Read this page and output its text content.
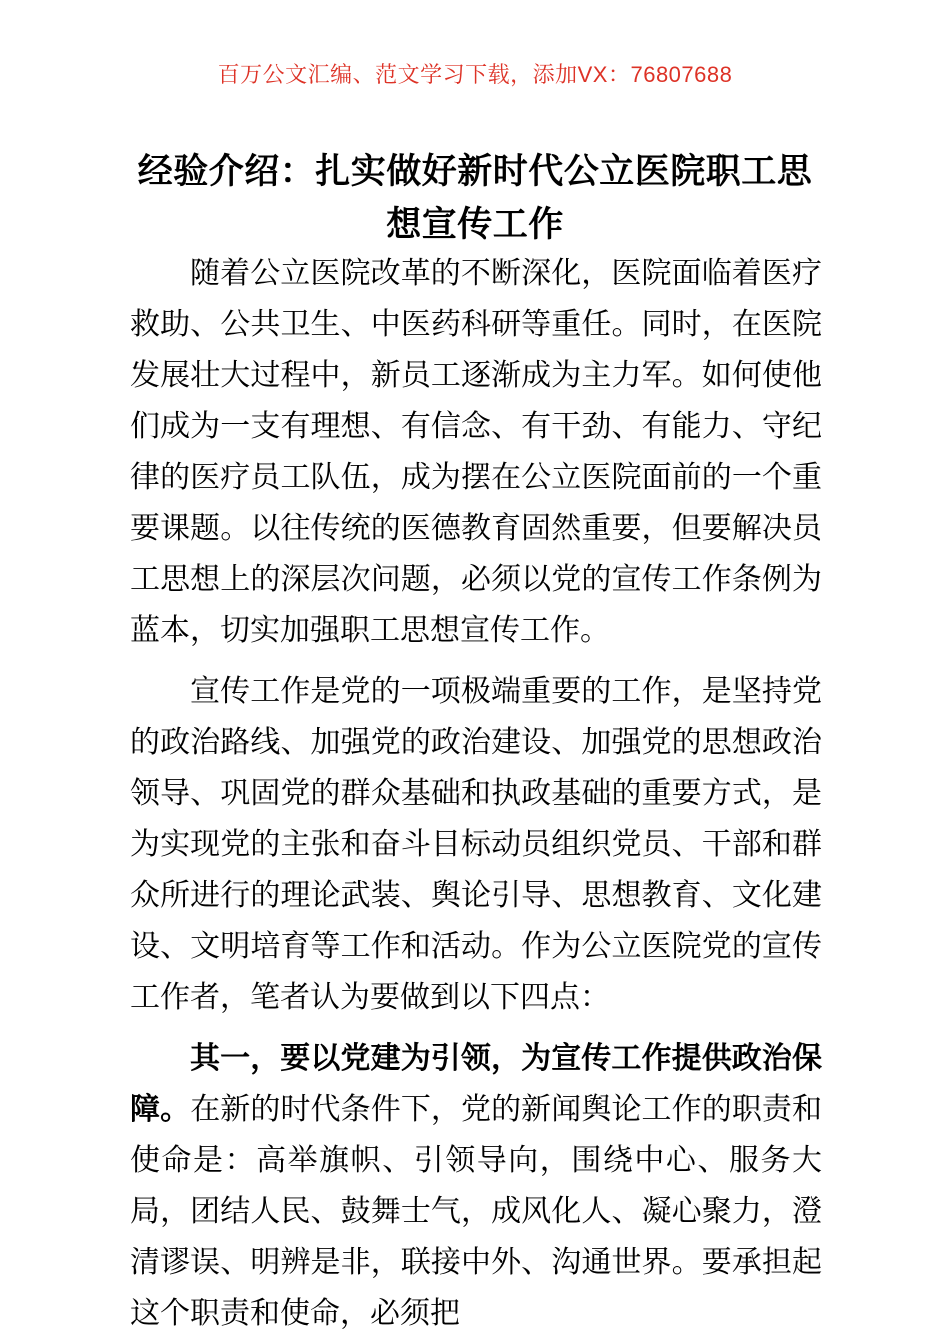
百万公文汇编、范文学习下载，添加VX：76807688
经验介绍：扎实做好新时代公立医院职工思想宣传工作

随着公立医院改革的不断深化，医院面临着医疗救助、公共卫生、中医药科研等重任。同时，在医院发展壮大过程中，新员工逐渐成为主力军。如何使他们成为一支有理想、有信念、有干劲、有能力、守纪律的医疗员工队伍，成为摆在公立医院面前的一个重要课题。以往传统的医德教育固然重要，但要解决员工思想上的深层次问题，必须以党的宣传工作条例为蓝本，切实加强职工思想宣传工作。

宣传工作是党的一项极端重要的工作，是坚持党的政治路线、加强党的政治建设、加强党的思想政治领导、巩固党的群众基础和执政基础的重要方式，是为实现党的主张和奋斗目标动员组织党员、干部和群众所进行的理论武装、舆论引导、思想教育、文化建设、文明培育等工作和活动。作为公立医院党的宣传工作者，笔者认为要做到以下四点：

其一，要以党建为引领，为宣传工作提供政治保障。在新的时代条件下，党的新闻舆论工作的职责和使命是：高举旗帜、引领导向，围绕中心、服务大局，团结人民、鼓舞士气，成风化人、凝心聚力，澄清谬误、明辨是非，联接中外、沟通世界。要承担起这个职责和使命，必须把
